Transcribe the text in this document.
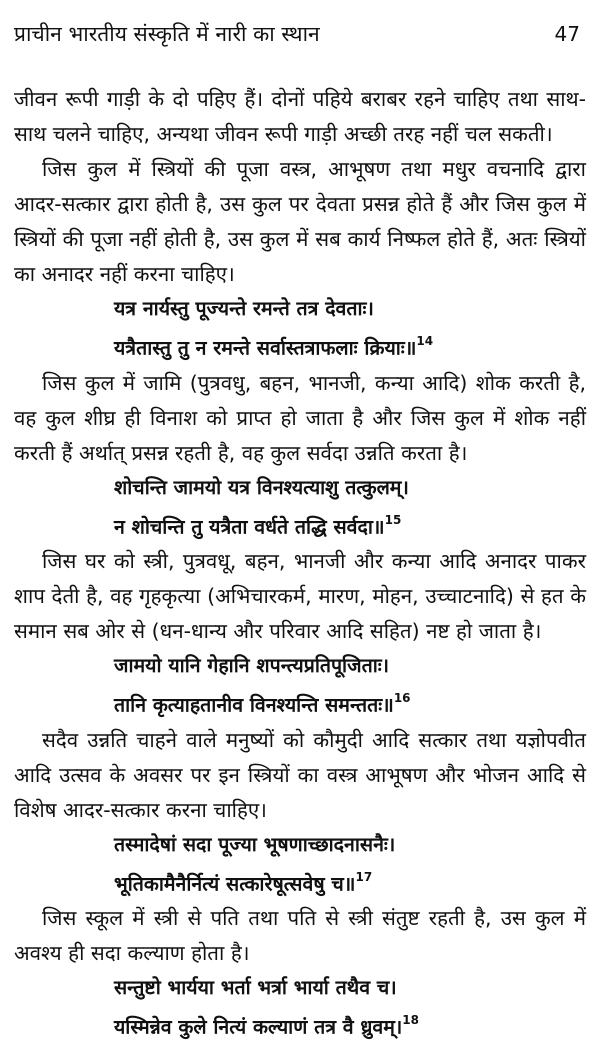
प्राचीन भारतीय संस्कृति में नारी का स्थान	47

जीवन रूपी गाड़ी के दो पहिए हैं। दोनों पहिये बराबर रहने चाहिए तथा साथ-साथ चलने चाहिए, अन्यथा जीवन रूपी गाड़ी अच्छी तरह नहीं चल सकती।

जिस कुल में स्त्रियों की पूजा वस्त्र, आभूषण तथा मधुर वचनादि द्वारा आदर-सत्कार द्वारा होती है, उस कुल पर देवता प्रसन्न होते हैं और जिस कुल में स्त्रियों की पूजा नहीं होती है, उस कुल में सब कार्य निष्फल होते हैं, अतः स्त्रियों का अनादर नहीं करना चाहिए।

यत्र नार्यस्तु पूज्यन्ते रमन्ते तत्र देवताः।
यत्रैतास्तु तु न रमन्ते सर्वास्तत्राफलाः क्रियाः॥$^{14}$

जिस कुल में जामि (पुत्रवधु, बहन, भानजी, कन्या आदि) शोक करती है, वह कुल शीघ्र ही विनाश को प्राप्त हो जाता है और जिस कुल में शोक नहीं करती हैं अर्थात् प्रसन्न रहती है, वह कुल सर्वदा उन्नति करता है।

शोचन्ति जामयो यत्र विनश्यत्याशु तत्कुलम्।
न शोचन्ति तु यत्रैता वर्धते तद्धि सर्वदा॥$^{15}$

जिस घर को स्त्री, पुत्रवधू, बहन, भानजी और कन्या आदि अनादर पाकर शाप देती है, वह गृहकृत्या (अभिचारकर्म, मारण, मोहन, उच्चाटनादि) से हत के समान सब ओर से (धन-धान्य और परिवार आदि सहित) नष्ट हो जाता है।

जामयो यानि गेहानि शपन्त्यप्रतिपूजिताः।
तानि कृत्याहतानीव विनश्यन्ति समन्ततः॥$^{16}$

सदैव उन्नति चाहने वाले मनुष्यों को कौमुदी आदि सत्कार तथा यज्ञोपवीत आदि उत्सव के अवसर पर इन स्त्रियों का वस्त्र आभूषण और भोजन आदि से विशेष आदर-सत्कार करना चाहिए।

तस्मादेषां सदा पूज्या भूषणाच्छादनासनैः।
भूतिकामैनैर्नित्यं सत्कारेषूत्सवेषु च॥$^{17}$

जिस स्कूल में स्त्री से पति तथा पति से स्त्री संतुष्ट रहती है, उस कुल में अवश्य ही सदा कल्याण होता है।

सन्तुष्टो भार्यया भर्ता भर्त्रा भार्या तथैव च।
यस्मिन्नेव कुले नित्यं कल्याणं तत्र वै ध्रुवम्।$^{18}$
